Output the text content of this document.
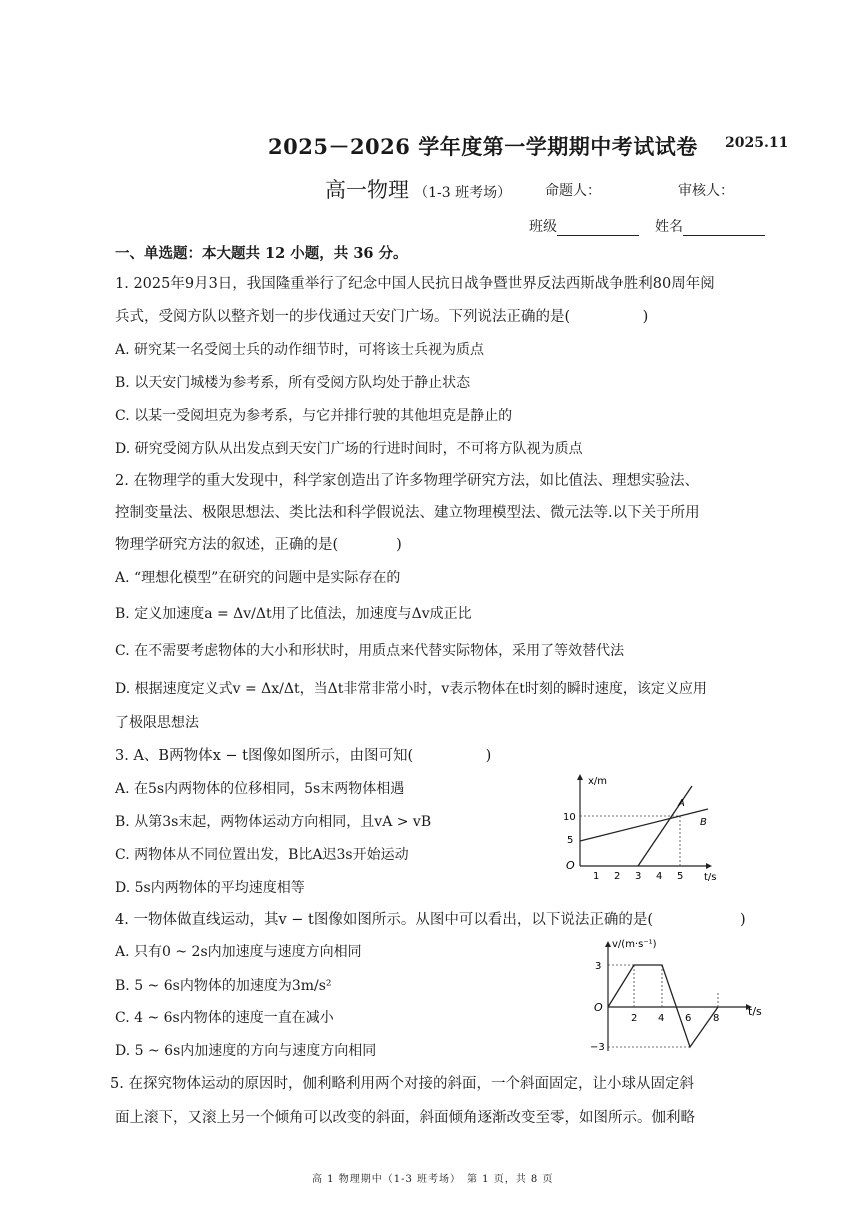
2025－2026 学年度第一学期期中考试试卷 2025.11
高一物理 （1-3 班考场） 命题人：	审核人：
班级	姓名
一、单选题：本大题共 12 小题，共 36 分。
1. 2025年9月3日，我国隆重举行了纪念中国人民抗日战争暨世界反法西斯战争胜利80周年阅
兵式，受阅方队以整齐划一的步伐通过天安门广场。下列说法正确的是(　　　　　)
A. 研究某一名受阅士兵的动作细节时，可将该士兵视为质点
B. 以天安门城楼为参考系，所有受阅方队均处于静止状态
C. 以某一受阅坦克为参考系，与它并排行驶的其他坦克是静止的
D. 研究受阅方队从出发点到天安门广场的行进时间时，不可将方队视为质点
2. 在物理学的重大发现中，科学家创造出了许多物理学研究方法，如比值法、理想实验法、
控制变量法、极限思想法、类比法和科学假说法、建立物理模型法、微元法等.以下关于所用
物理学研究方法的叙述，正确的是(　　　　)
A. “理想化模型”在研究的问题中是实际存在的
B. 定义加速度a = Δv/Δt用了比值法，加速度与Δv成正比
C. 在不需要考虑物体的大小和形状时，用质点来代替实际物体，采用了等效替代法
D. 根据速度定义式v = Δx/Δt，当Δt非常非常小时，v表示物体在t时刻的瞬时速度，该定义应用
了极限思想法
3. A、B两物体x − t图像如图所示，由图可知(　　　　　)
A. 在5s内两物体的位移相同，5s末两物体相遇
B. 从第3s末起，两物体运动方向相同，且vA > vB
C. 两物体从不同位置出发，B比A迟3s开始运动
D. 5s内两物体的平均速度相等
x/m
t/s
O
10
5
1 2 3 4 5
A
B
4. 一物体做直线运动，其v − t图像如图所示。从图中可以看出，以下说法正确的是(　　　　　　)
A. 只有0 ~ 2s内加速度与速度方向相同
B. 5 ~ 6s内物体的加速度为3m/s²
C. 4 ~ 6s内物体的速度一直在减小
D. 5 ~ 6s内加速度的方向与速度方向相同
v/(m·s⁻¹)
t/s
O
3
−3
2 4 6 8
5. 在探究物体运动的原因时，伽利略利用两个对接的斜面，一个斜面固定，让小球从固定斜
面上滚下，又滚上另一个倾角可以改变的斜面，斜面倾角逐渐改变至零，如图所示。伽利略
高 1 物理期中（1-3 班考场）　第 1 页，共 8 页
